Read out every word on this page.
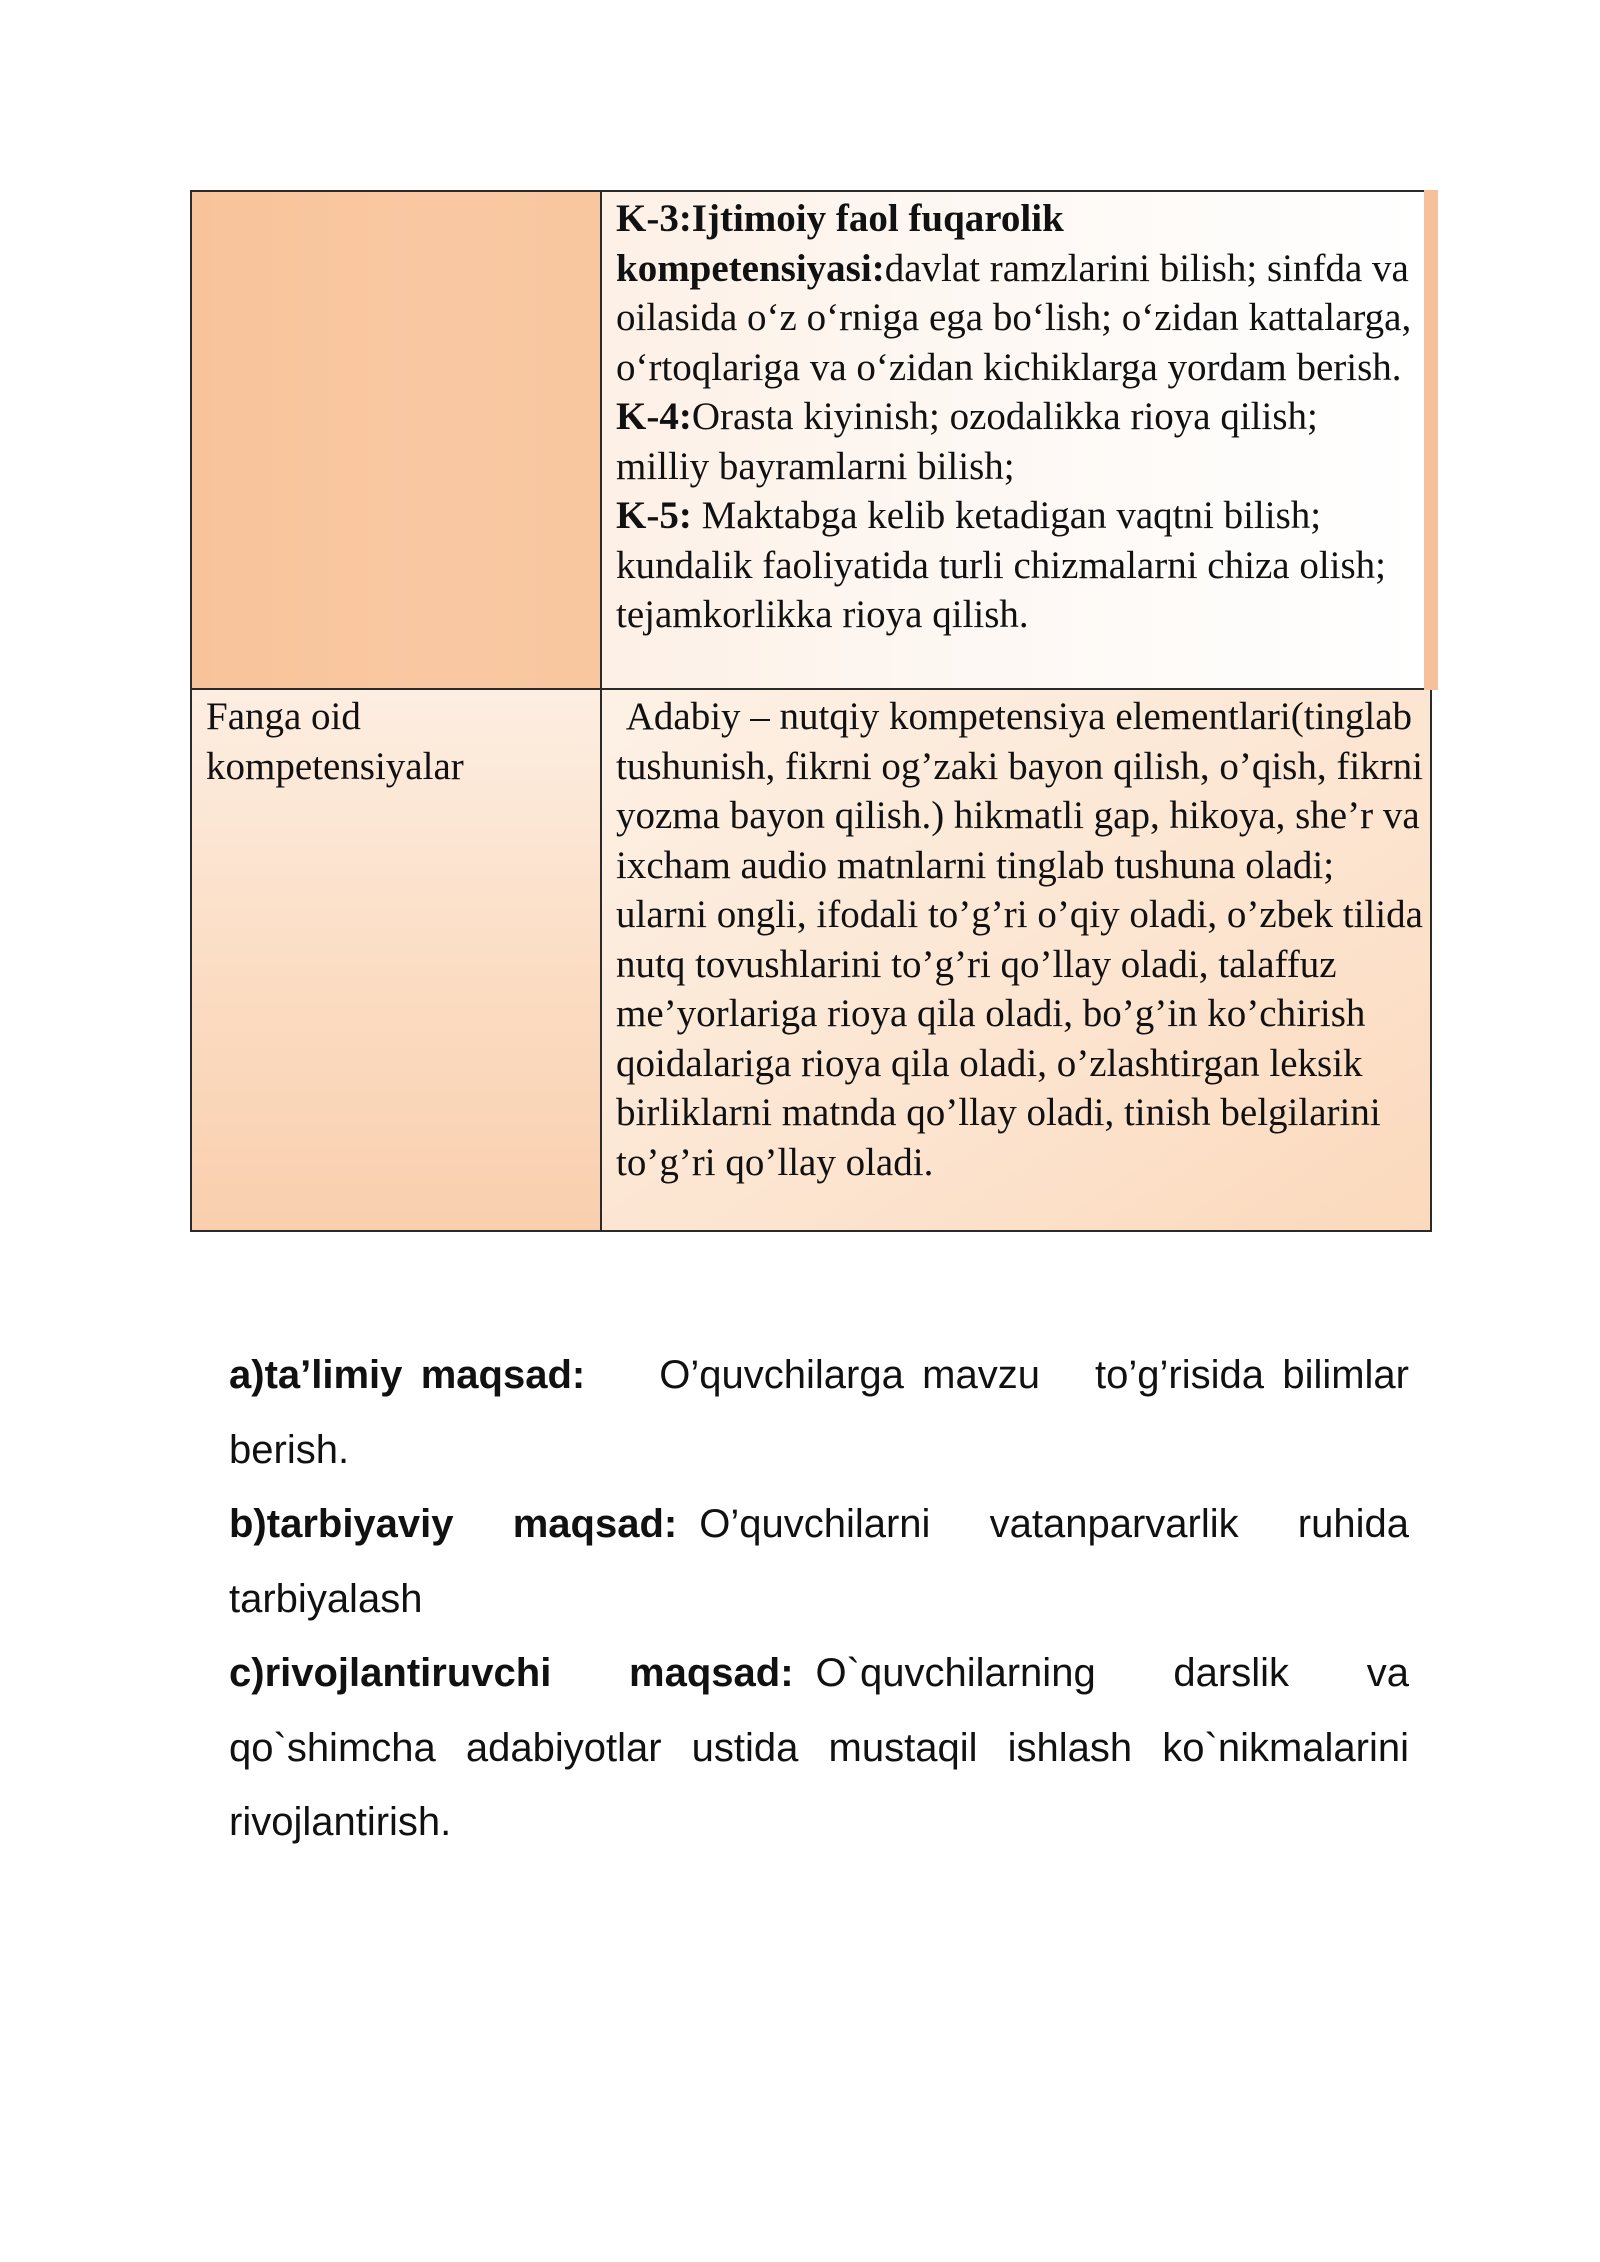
	K-3:Ijtimoiy faol fuqarolik kompetensiyasi:davlat ramzlarini bilish; sinfda va oilasida o‘z o‘rniga ega bo‘lish; o‘zidan kattalarga, o‘rtoqlariga va o‘zidan kichiklarga yordam berish.
K-4:Orasta kiyinish; ozodalikka rioya qilish; milliy bayramlarni bilish;
K-5: Maktabga kelib ketadigan vaqtni bilish; kundalik faoliyatida turli chizmalarni chiza olish; tejamkorlikka rioya qilish.

Fanga oid kompetensiyalar	Adabiy – nutqiy kompetensiya elementlari(tinglab tushunish, fikrni og’zaki bayon qilish, o’qish, fikrni yozma bayon qilish.) hikmatli gap, hikoya, she’r va ixcham audio matnlarni tinglab tushuna oladi; ularni ongli, ifodali to’g’ri o’qiy oladi, o’zbek tilida nutq tovushlarini to’g’ri qo’llay oladi, talaffuz me’yorlariga rioya qila oladi, bo’g’in ko’chirish qoidalariga rioya qila oladi, o’zlashtirgan leksik birliklarni matnda qo’llay oladi, tinish belgilarini to’g’ri qo’llay oladi.

a)ta’limiy maqsad: O’quvchilarga mavzu   to’g’risida bilimlar berish.

b)tarbiyaviy maqsad: O’quvchilarni vatanparvarlik ruhida tarbiyalash

c)rivojlantiruvchi maqsad: O`quvchilarning darslik va qo`shimcha adabiyotlar ustida mustaqil ishlash ko`nikmalarini rivojlantirish.
